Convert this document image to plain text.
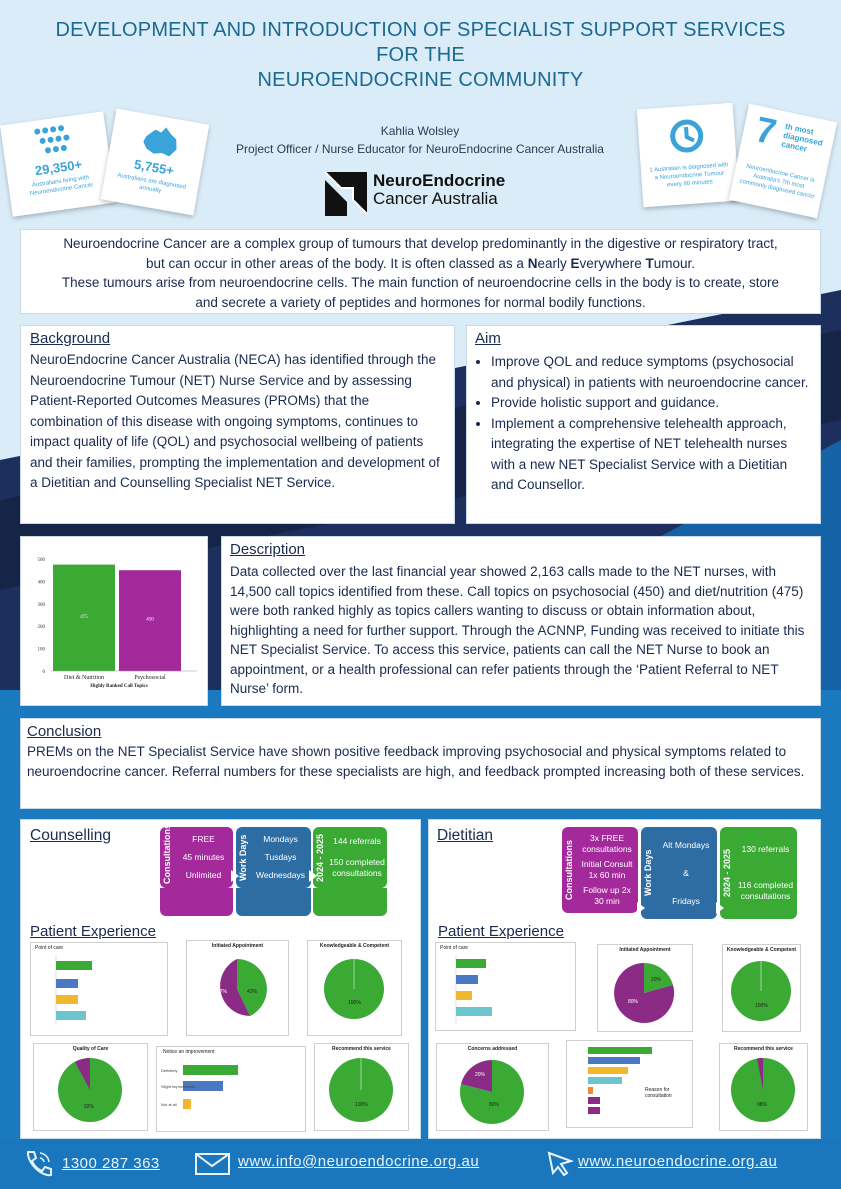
DEVELOPMENT AND INTRODUCTION OF SPECIALIST SUPPORT SERVICES
FOR THE
NEUROENDOCRINE COMMUNITY
Kahlia Wolsley
Project Officer / Nurse Educator for NeuroEndocrine Cancer Australia
NeuroEndocrine
Cancer Australia
29,350+
Australians living with Neuroendocrine Cancer
5,755+
Australians are diagnosed annually
1 Australian is diagnosed with a Neuroendocrine Tumour every 90 minutes
7 th most diagnosed cancer
Neuroendocrine Cancer is Australia's 7th most commonly diagnosed cancer
Neuroendocrine Cancer are a complex group of tumours that develop predominantly in the digestive or respiratory tract,
but can occur in other areas of the body. It is often classed as a Nearly Everywhere Tumour.
These tumours arise from neuroendocrine cells. The main function of neuroendocrine cells in the body is to create, store
and secrete a variety of peptides and hormones for normal bodily functions.
Background
NeuroEndocrine Cancer Australia (NECA) has identified through the Neuroendocrine Tumour (NET) Nurse Service and by assessing Patient-Reported Outcomes Measures (PROMs) that the combination of this disease with ongoing symptoms, continues to impact quality of life (QOL) and psychosocial wellbeing of patients and their families, prompting the implementation and development of a Dietitian and Counselling Specialist NET Service.
Aim
• Improve QOL and reduce symptoms (psychosocial and physical) in patients with neuroendocrine cancer.
• Provide holistic support and guidance.
• Implement a comprehensive telehealth approach, integrating the expertise of NET telehealth nurses with a new NET Specialist Service with a Dietitian and Counsellor.
0
100
200
300
400
500
475
Diet & Nutrition
450
Psychosocial
Highly Ranked Call Topics
Description
Data collected over the last financial year showed 2,163 calls made to the NET nurses, with 14,500 call topics identified from these. Call topics on psychosocial (450) and diet/nutrition (475) were both ranked highly as topics callers wanting to discuss or obtain information about, highlighting a need for further support. Through the ACNNP, Funding was received to initiate this NET Specialist Service. To access this service, patients can call the NET Nurse to book an appointment, or a health professional can refer patients through the ‘Patient Referral to NET Nurse’ form.
Conclusion
PREMs on the NET Specialist Service have shown positive feedback improving psychosocial and physical symptoms related to neuroendocrine cancer. Referral numbers for these specialists are high, and feedback prompted increasing both of these services.
Counselling	Consultations	FREE
45 minutes
Unlimited	Work Days	Mondays
Tusdays
Wednesdays	2024 - 2025 144 referrals
150 completed consultations
Patient Experience
Point of care	Initiated Appointment
43%
57%
Knowledgeable & Competent
100%
Quality of Care
92%
Notice an improvement
Definitely
Slight improvement
Not at all
Recommend this service
100%
Dietitian
Consultations
3x FREE consultations
Initial Consult 1x 60 min
Follow up 2x 30 min
Work Days
Alt Mondays
&
Fridays
2024 - 2025
130 referrals
116 completed consultations
Patient Experience
Point of care	Initiated Appointment
20%
80%
Knowledgeable & Competent
100%
Concerns addressed
20%
80%
Reason for consultation
Recommend this service
98%
1300 287 363	www.info@neuroendocrine.org.au	www.neuroendocrine.org.au
